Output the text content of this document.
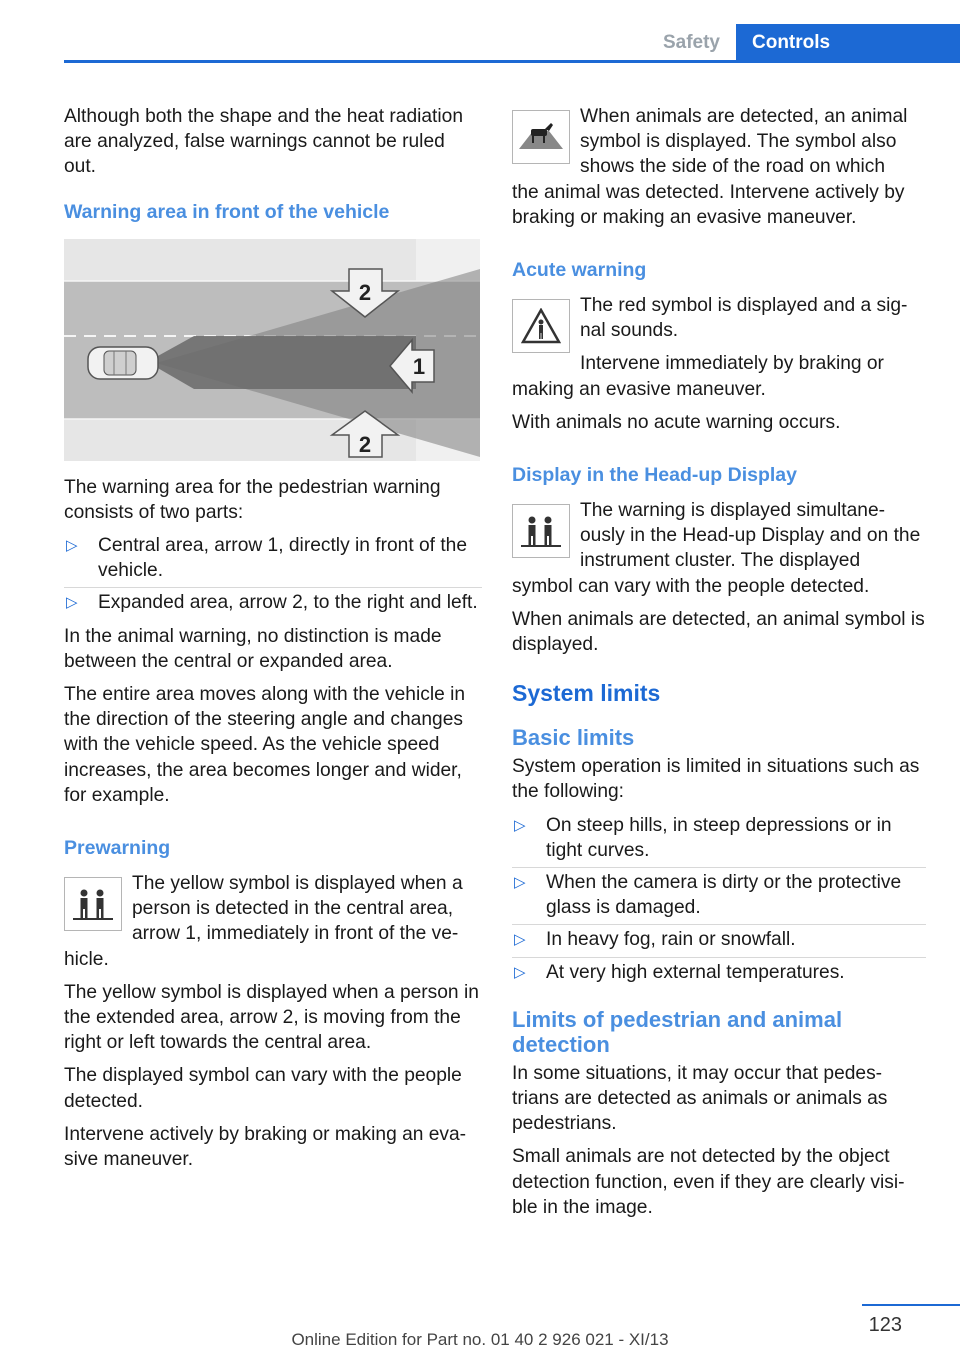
Safety	Controls

Although both the shape and the heat radiation are analyzed, false warnings cannot be ruled out.

Warning area in front of the vehicle
2
1
2

The warning area for the pedestrian warning consists of two parts:

▷ Central area, arrow 1, directly in front of the vehicle.
▷ Expanded area, arrow 2, to the right and left.

In the animal warning, no distinction is made between the central or expanded area.

The entire area moves along with the vehicle in the direction of the steering angle and changes with the vehicle speed. As the vehicle speed increases, the area becomes longer and wider, for example.

Prewarning

The yellow symbol is displayed when a person is detected in the central area, arrow 1, immediately in front of the ve-

hicle.

The yellow symbol is displayed when a person in the extended area, arrow 2, is moving from the right or left towards the central area.

The displayed symbol can vary with the people detected.

Intervene actively by braking or making an eva-sive maneuver.

When animals are detected, an animal symbol is displayed. The symbol also shows the side of the road on which

the animal was detected. Intervene actively by braking or making an evasive maneuver.

Acute warning

The red symbol is displayed and a sig-nal sounds.

Intervene immediately by braking or

making an evasive maneuver.

With animals no acute warning occurs.

Display in the Head-up Display

The warning is displayed simultane-ously in the Head-up Display and on the instrument cluster. The displayed

symbol can vary with the people detected.

When animals are detected, an animal symbol is displayed.

System limits
Basic limits

System operation is limited in situations such as the following:

▷ On steep hills, in steep depressions or in tight curves.
▷ When the camera is dirty or the protective glass is damaged.
▷ In heavy fog, rain or snowfall.
▷ At very high external temperatures.
Limits of pedestrian and animal detection

In some situations, it may occur that pedes-trians are detected as animals or animals as pedestrians.

Small animals are not detected by the object detection function, even if they are clearly visi-ble in the image.

123
Online Edition for Part no. 01 40 2 926 021 - XI/13
